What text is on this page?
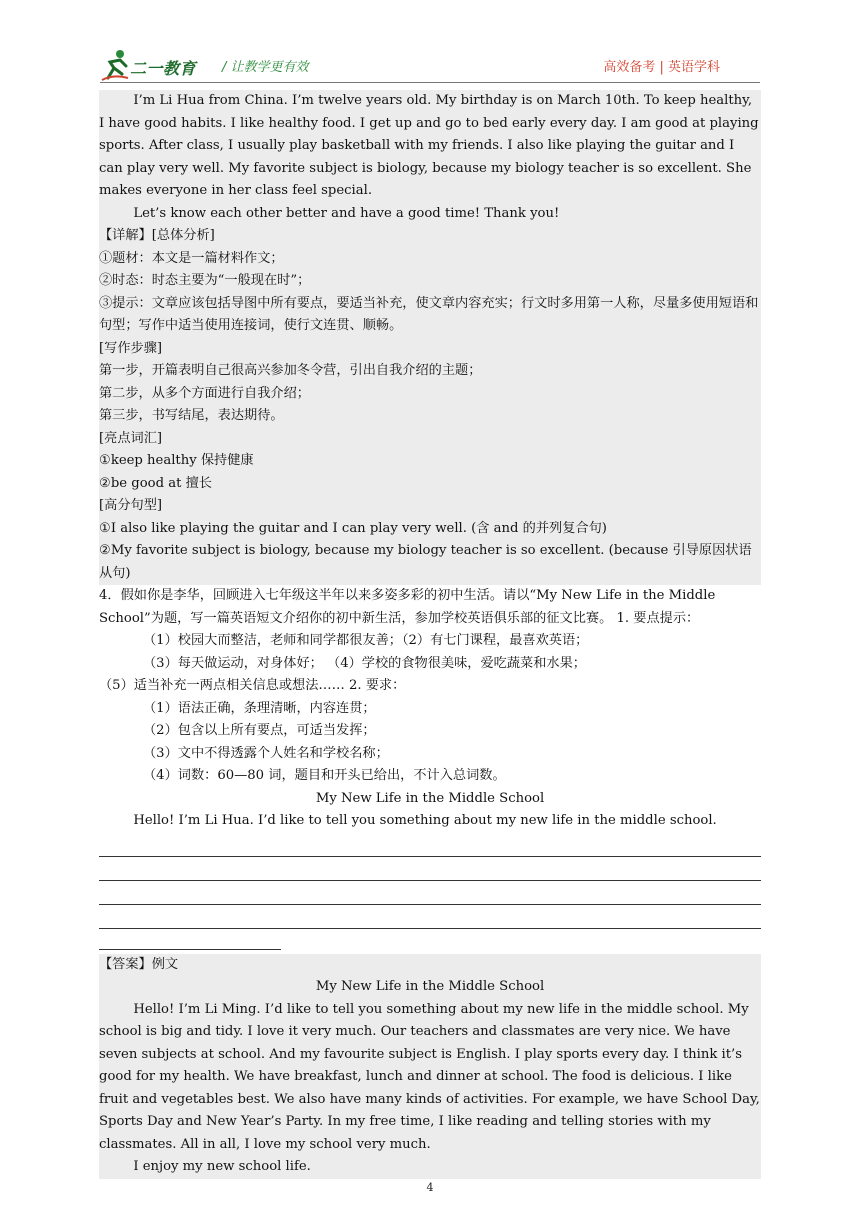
二一教育 / 让教学更有效	高效备考 | 英语学科

I’m Li Hua from China. I’m twelve years old. My birthday is on March 10th. To keep healthy, I have good habits. I like healthy food. I get up and go to bed early every day. I am good at playing sports. After class, I usually play basketball with my friends. I also like playing the guitar and I can play very well. My favorite subject is biology, because my biology teacher is so excellent. She makes everyone in her class feel special.

Let’s know each other better and have a good time! Thank you!

【详解】[总体分析]

①题材：本文是一篇材料作文；

②时态：时态主要为“一般现在时”；

③提示：文章应该包括导图中所有要点，要适当补充，使文章内容充实；行文时多用第一人称，尽量多使用短语和句型；写作中适当使用连接词，使行文连贯、顺畅。

[写作步骤]

第一步，开篇表明自己很高兴参加冬令营，引出自我介绍的主题；

第二步，从多个方面进行自我介绍；

第三步，书写结尾，表达期待。

[亮点词汇]

①keep healthy 保持健康

②be good at 擅长

[高分句型]

①I also like playing the guitar and I can play very well. (含 and 的并列复合句)

②My favorite subject is biology, because my biology teacher is so excellent. (because 引导原因状语从句)

4．假如你是李华，回顾进入七年级这半年以来多姿多彩的初中生活。请以“My New Life in the Middle School”为题，写一篇英语短文介绍你的初中新生活，参加学校英语俱乐部的征文比赛。 1. 要点提示：

（1）校园大而整洁，老师和同学都很友善；（2）有七门课程，最喜欢英语；

（3）每天做运动，对身体好； （4）学校的食物很美味，爱吃蔬菜和水果；

（5）适当补充一两点相关信息或想法…… 2. 要求：

（1）语法正确，条理清晰，内容连贯；

（2）包含以上所有要点，可适当发挥；

（3）文中不得透露个人姓名和学校名称；

（4）词数：60—80 词，题目和开头已给出，不计入总词数。

My New Life in the Middle School

Hello! I’m Li Hua. I’d like to tell you something about my new life in the middle school.

【答案】例文

My New Life in the Middle School

Hello! I’m Li Ming. I’d like to tell you something about my new life in the middle school. My school is big and tidy. I love it very much. Our teachers and classmates are very nice. We have seven subjects at school. And my favourite subject is English. I play sports every day. I think it’s good for my health. We have breakfast, lunch and dinner at school. The food is delicious. I like fruit and vegetables best. We also have many kinds of activities. For example, we have School Day, Sports Day and New Year’s Party. In my free time, I like reading and telling stories with my classmates. All in all, I love my school very much.

I enjoy my new school life.

4
